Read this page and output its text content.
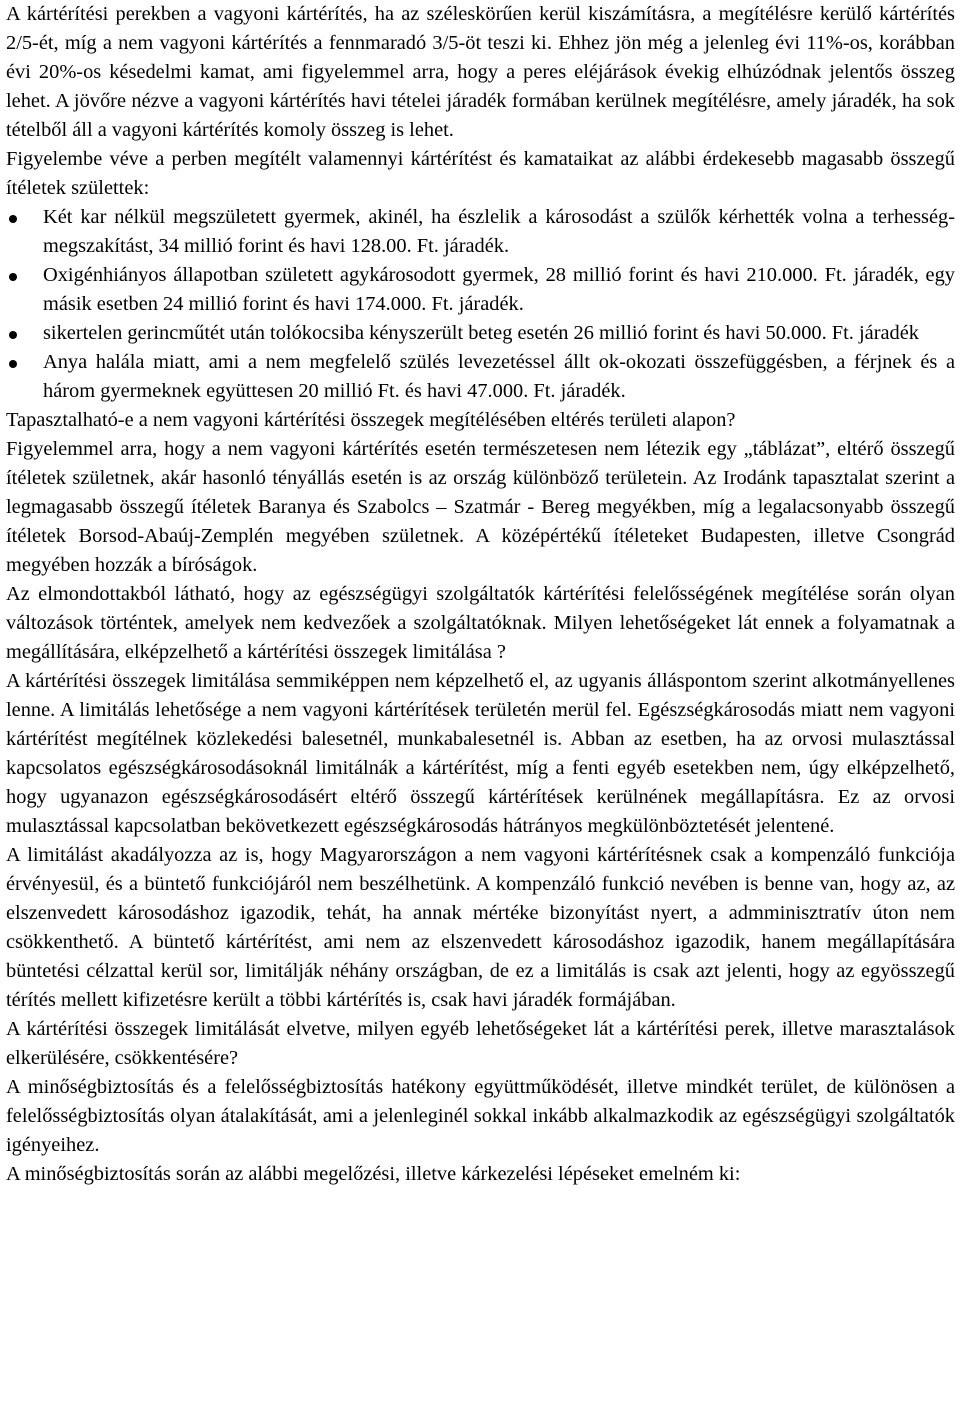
A kártérítési perekben a vagyoni kártérítés, ha az széleskörűen kerül kiszámításra, a megítélésre kerülő kártérítés 2/5-ét, míg a nem vagyoni kártérítés a fennmaradó 3/5-öt teszi ki. Ehhez jön még a jelenleg évi 11%-os, korábban évi 20%-os késedelmi kamat, ami figyelemmel arra, hogy a peres eléjárások évekig elhúzódnak jelentős összeg lehet. A jövőre nézve a vagyoni kártérítés havi tételei járadék formában kerülnek megítélésre, amely járadék, ha sok tételből áll a vagyoni kártérítés komoly összeg is lehet.

Figyelembe véve a perben megítélt valamennyi kártérítést és kamataikat az alábbi érdekesebb magasabb összegű ítéletek születtek:

Két kar nélkül megszületett gyermek, akinél, ha észlelik a károsodást a szülők kérhették volna a terhesség-megszakítást, 34 millió forint és havi 128.00. Ft. járadék.
Oxigénhiányos állapotban született agykárosodott gyermek, 28 millió forint és havi 210.000. Ft. járadék, egy másik esetben 24 millió forint és havi 174.000. Ft. járadék.
sikertelen gerincműtét után tolókocsiba kényszerült beteg esetén 26 millió forint és havi 50.000. Ft. járadék
Anya halála miatt, ami a nem megfelelő szülés levezetéssel állt ok-okozati összefüggésben, a férjnek és a három gyermeknek együttesen 20 millió Ft. és havi 47.000. Ft. járadék.

Tapasztalható-e a nem vagyoni kártérítési összegek megítélésében eltérés területi alapon?

Figyelemmel arra, hogy a nem vagyoni kártérítés esetén természetesen nem létezik egy „táblázat”, eltérő összegű ítéletek születnek, akár hasonló tényállás esetén is az ország különböző területein. Az Irodánk tapasztalat szerint a legmagasabb összegű ítéletek Baranya és Szabolcs – Szatmár - Bereg megyékben, míg a legalacsonyabb összegű ítéletek Borsod-Abaúj-Zemplén megyében születnek. A középértékű ítéleteket Budapesten, illetve Csongrád megyében hozzák a bíróságok.

Az elmondottakból látható, hogy az egészségügyi szolgáltatók kártérítési felelősségének megítélése során olyan változások történtek, amelyek nem kedvezőek a szolgáltatóknak. Milyen lehetőségeket lát ennek a folyamatnak a megállítására, elképzelhető a kártérítési összegek limitálása ?

A kártérítési összegek limitálása semmiképpen nem képzelhető el, az ugyanis álláspontom szerint alkotmányellenes lenne. A limitálás lehetősége a nem vagyoni kártérítések területén merül fel. Egészségkárosodás miatt nem vagyoni kártérítést megítélnek közlekedési balesetnél, munkabalesetnél is. Abban az esetben, ha az orvosi mulasztással kapcsolatos egészségkárosodásoknál limitálnák a kártérítést, míg a fenti egyéb esetekben nem, úgy elképzelhető, hogy ugyanazon egészségkárosodásért eltérő összegű kártérítések kerülnének megállapításra. Ez az orvosi mulasztással kapcsolatban bekövetkezett egészségkárosodás hátrányos megkülönböztetését jelentené.

A limitálást akadályozza az is, hogy Magyarországon a nem vagyoni kártérítésnek csak a kompenzáló funkciója érvényesül, és a büntető funkciójáról nem beszélhetünk. A kompenzáló funkció nevében is benne van, hogy az, az elszenvedett károsodáshoz igazodik, tehát, ha annak mértéke bizonyítást nyert, a admminisztratív úton nem csökkenthető. A büntető kártérítést, ami nem az elszenvedett károsodáshoz igazodik, hanem megállapítására büntetési célzattal kerül sor, limitálják néhány országban, de ez a limitálás is csak azt jelenti, hogy az egyösszegű térítés mellett kifizetésre került a többi kártérítés is, csak havi járadék formájában.

A kártérítési összegek limitálását elvetve, milyen egyéb lehetőségeket lát a kártérítési perek, illetve marasztalások elkerülésére, csökkentésére?

A minőségbiztosítás és a felelősségbiztosítás hatékony együttműködését, illetve mindkét terület, de különösen a felelősségbiztosítás olyan átalakítását, ami a jelenleginél sokkal inkább alkalmazkodik az egészségügyi szolgáltatók igényeihez.

A minőségbiztosítás során az alábbi megelőzési, illetve kárkezelési lépéseket emelném ki:
